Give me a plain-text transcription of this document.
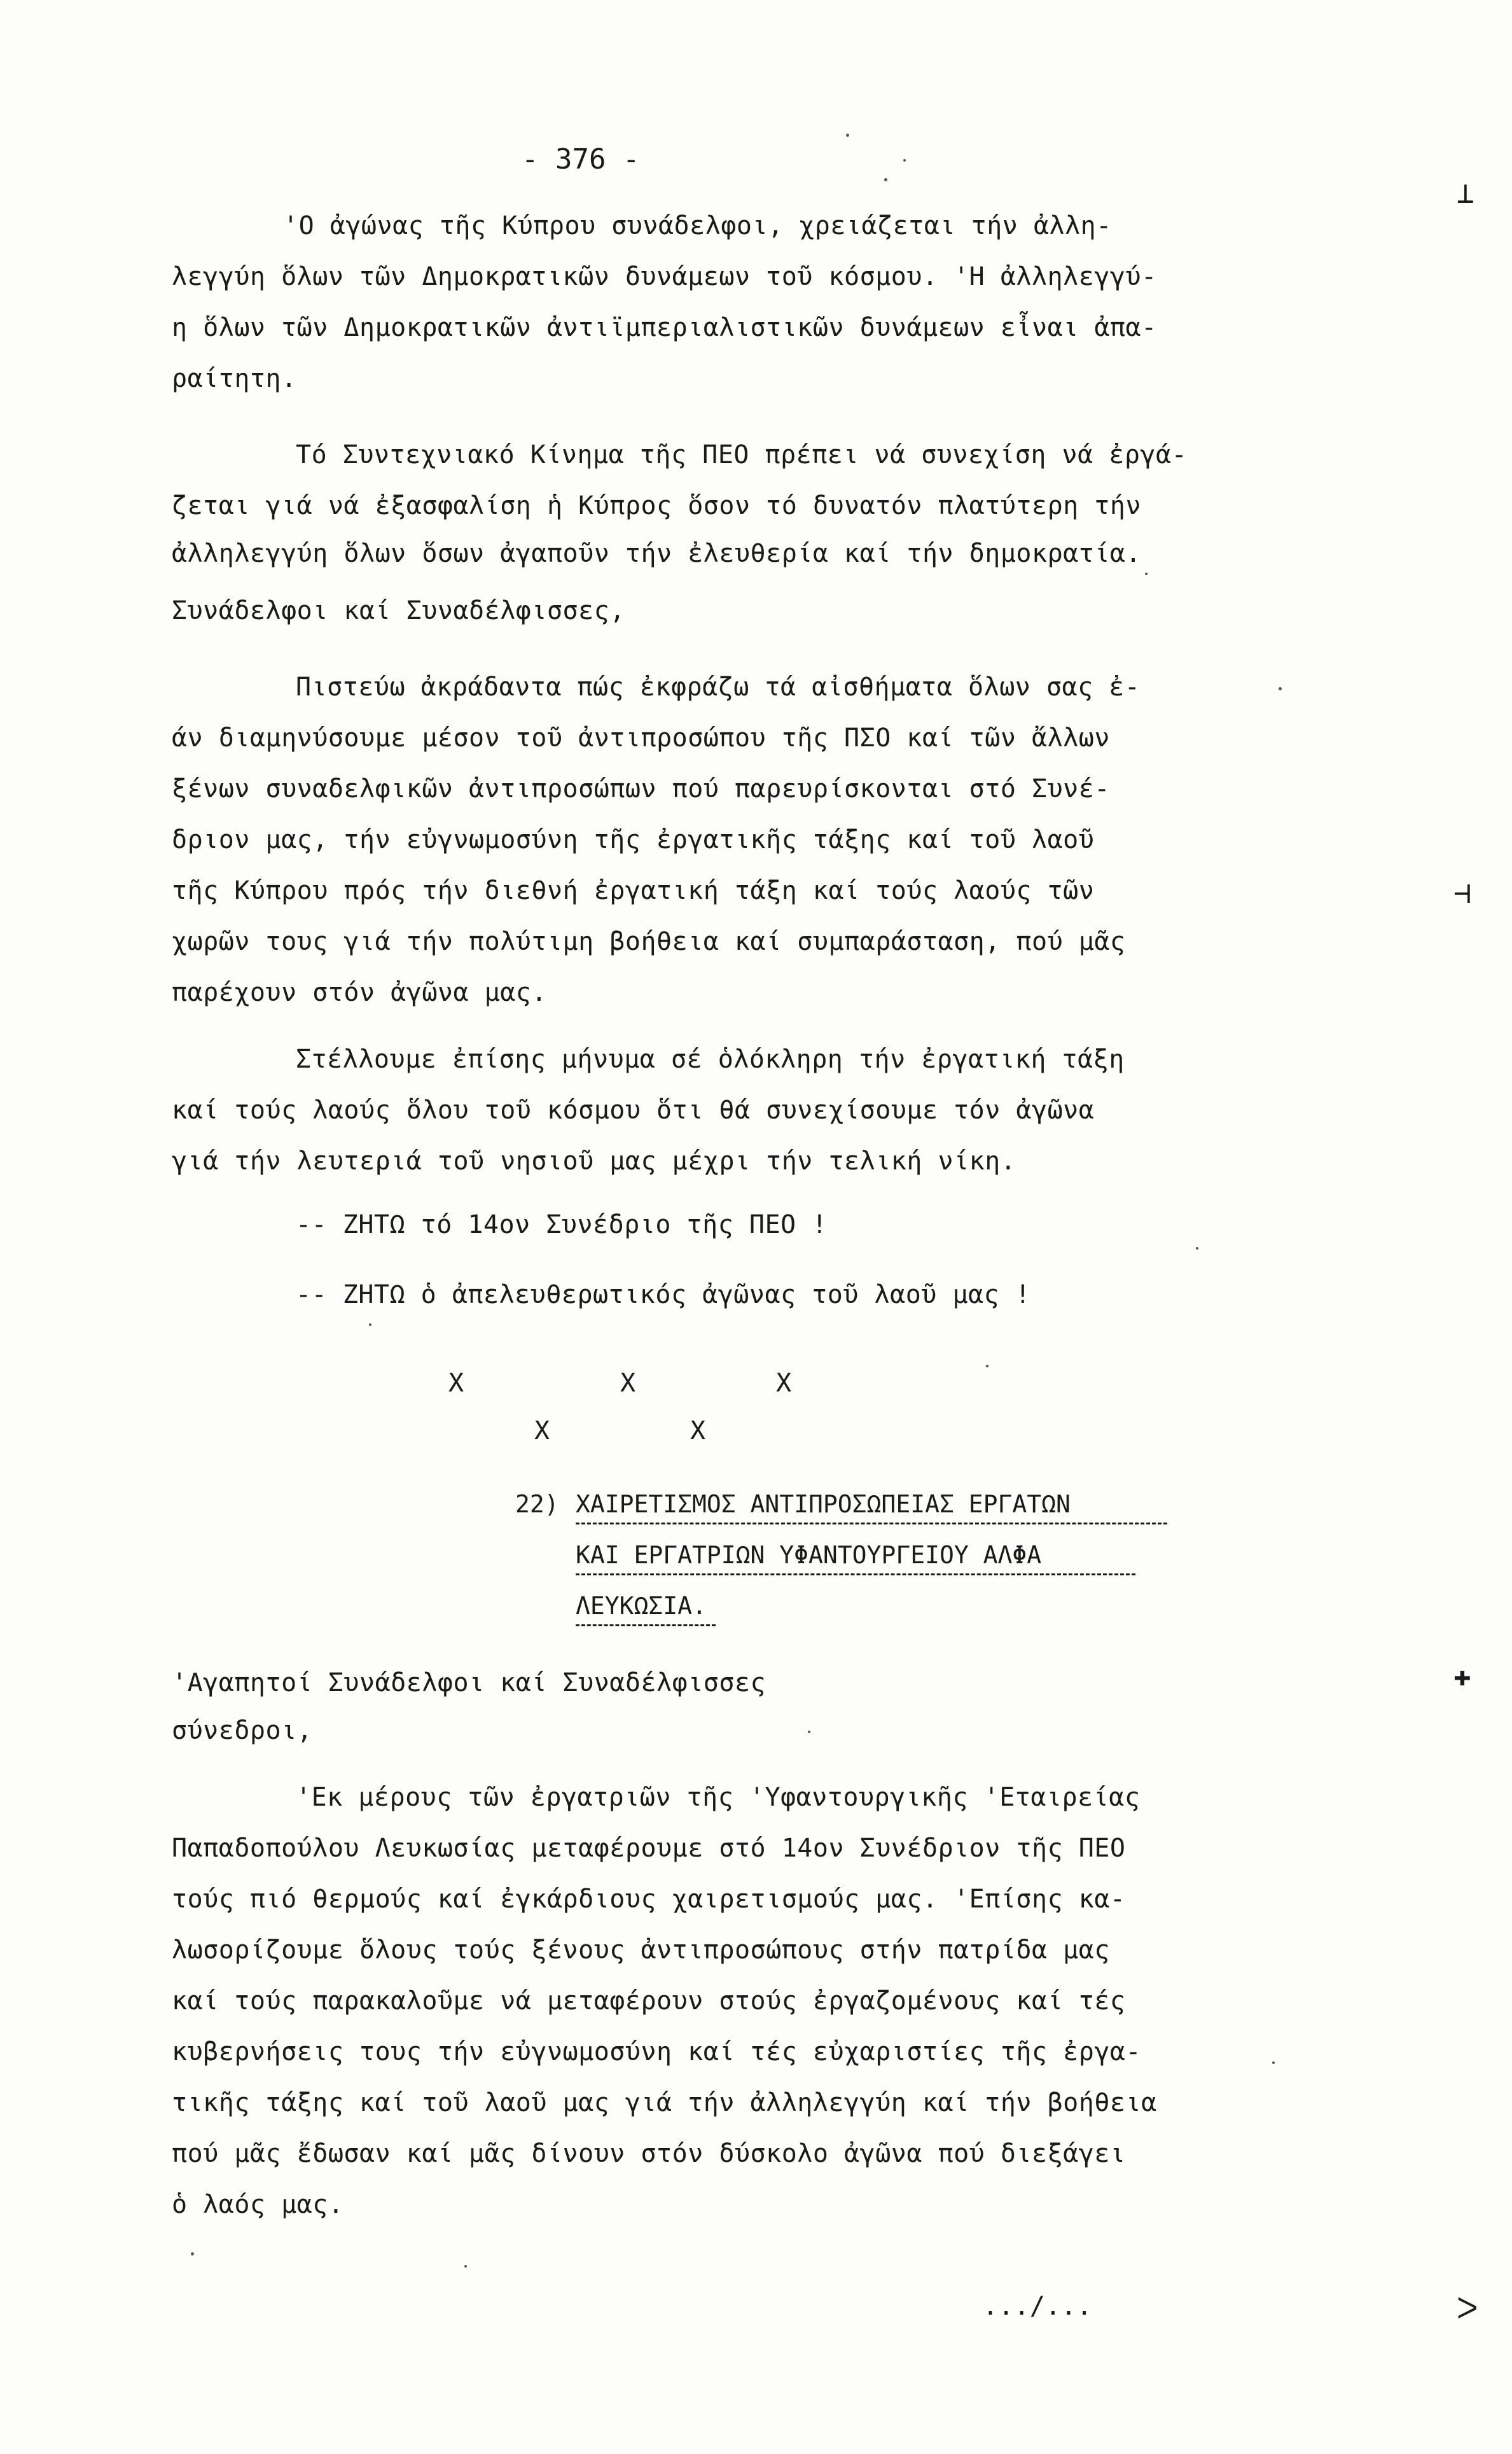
- 376 -
'Ο ἀγώνας τῆς Κύπρου συνάδελφοι, χρειάζεται τήν ἀλλη-
λεγγύη ὅλων τῶν Δημοκρατικῶν δυνάμεων τοῦ κόσμου. 'Η ἀλληλεγγύ-
η ὅλων τῶν Δημοκρατικῶν ἀντιϊμπεριαλιστικῶν δυνάμεων εἶναι ἀπα-
ραίτητη.
Τό Συντεχνιακό Κίνημα τῆς ΠΕΟ πρέπει νά συνεχίση νά ἐργά-
ζεται γιά νά ἐξασφαλίση ἡ Κύπρος ὅσον τό δυνατόν πλατύτερη τήν
ἀλληλεγγύη ὅλων ὅσων ἀγαποῦν τήν ἐλευθερία καί τήν δημοκρατία.
Συνάδελφοι καί Συναδέλφισσες,
Πιστεύω ἀκράδαντα πώς ἐκφράζω τά αἰσθήματα ὅλων σας ἐ-
άν διαμηνύσουμε μέσον τοῦ ἀντιπροσώπου τῆς ΠΣΟ καί τῶν ἄλλων
ξένων συναδελφικῶν ἀντιπροσώπων πού παρευρίσκονται στό Συνέ-
δριον μας, τήν εὐγνωμοσύνη τῆς ἐργατικῆς τάξης καί τοῦ λαοῦ
τῆς Κύπρου πρός τήν διεθνή ἐργατική τάξη καί τούς λαούς τῶν
χωρῶν τους γιά τήν πολύτιμη βοήθεια καί συμπαράσταση, πού μᾶς
παρέχουν στόν ἀγῶνα μας.
Στέλλουμε ἐπίσης μήνυμα σέ ὁλόκληρη τήν ἐργατική τάξη
καί τούς λαούς ὅλου τοῦ κόσμου ὅτι θά συνεχίσουμε τόν ἀγῶνα
γιά τήν λευτεριά τοῦ νησιοῦ μας μέχρι τήν τελική νίκη.
-- ΖΗΤΩ τό 14ον Συνέδριο τῆς ΠΕΟ !
-- ΖΗΤΩ ὁ ἀπελευθερωτικός ἀγῶνας τοῦ λαοῦ μας !
X	X	X
X	X
22) ΧΑΙΡΕΤΙΣΜΟΣ ΑΝΤΙΠΡΟΣΩΠΕΙΑΣ ΕΡΓΑΤΩΝ
ΚΑΙ ΕΡΓΑΤΡΙΩΝ ΥΦΑΝΤΟΥΡΓΕΙΟΥ ΑΛΦΑ
ΛΕΥΚΩΣΙΑ.
'Αγαπητοί Συνάδελφοι καί Συναδέλφισσες
σύνεδροι,
'Εκ μέρους τῶν ἐργατριῶν τῆς 'Υφαντουργικῆς 'Εταιρείας
Παπαδοπούλου Λευκωσίας μεταφέρουμε στό 14ον Συνέδριον τῆς ΠΕΟ
τούς πιό θερμούς καί ἐγκάρδιους χαιρετισμούς μας. 'Επίσης κα-
λωσορίζουμε ὅλους τούς ξένους ἀντιπροσώπους στήν πατρίδα μας
καί τούς παρακαλοῦμε νά μεταφέρουν στούς ἐργαζομένους καί τές
κυβερνήσεις τους τήν εὐγνωμοσύνη καί τές εὐχαριστίες τῆς ἐργα-
τικῆς τάξης καί τοῦ λαοῦ μας γιά τήν ἀλληλεγγύη καί τήν βοήθεια
πού μᾶς ἔδωσαν καί μᾶς δίνουν στόν δύσκολο ἀγῶνα πού διεξάγει
ὁ λαός μας.
.../...
⊥
⊣
✚
ᐳ
